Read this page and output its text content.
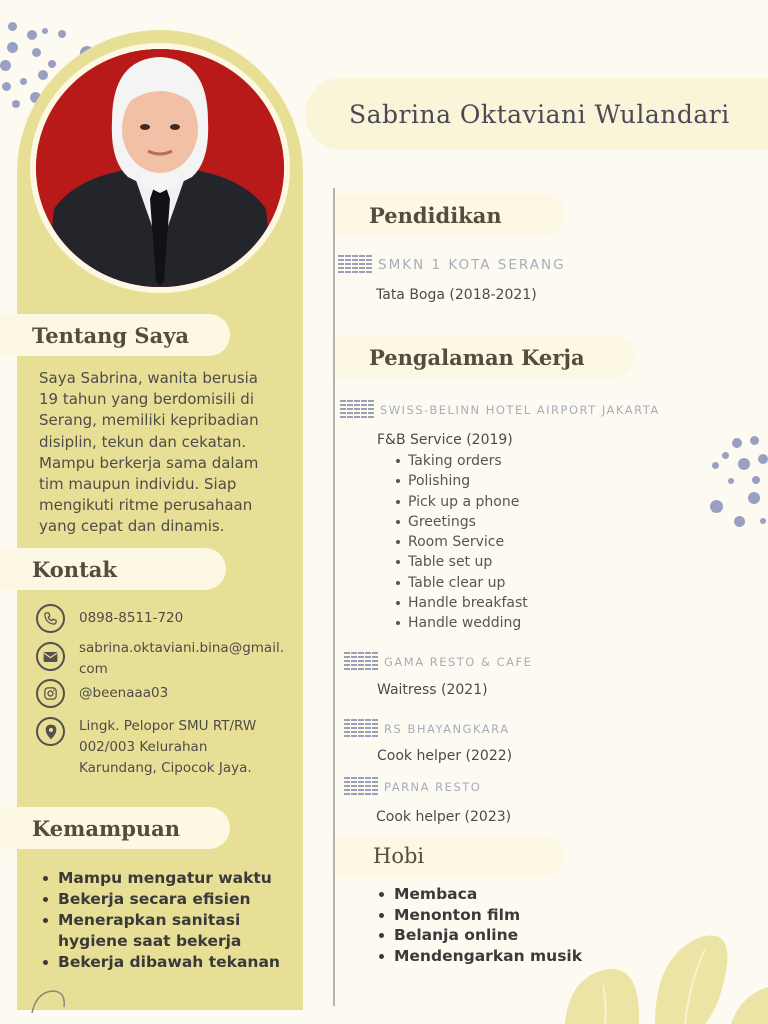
Tentang Saya
Saya Sabrina, wanita berusia
19 tahun yang berdomisili di
Serang, memiliki kepribadian
disiplin, tekun dan cekatan.
Mampu berkerja sama dalam
tim maupun individu. Siap
mengikuti ritme perusahaan
yang cepat dan dinamis.
Kontak
0898-8511-720
sabrina.oktaviani.bina@gmail.
com
@beenaaa03
Lingk. Pelopor SMU RT/RW
002/003 Kelurahan
Karundang, Cipocok Jaya.
Kemampuan
Mampu mengatur waktu
Bekerja secara efisien
Menerapkan sanitasi
hygiene saat bekerja
Bekerja dibawah tekanan
Sabrina Oktaviani Wulandari
Pendidikan
SMKN 1 KOTA SERANG
Tata Boga (2018-2021)
Pengalaman Kerja
SWISS-BELINN HOTEL AIRPORT JAKARTA
F&B Service (2019)
Taking orders
Polishing
Pick up a phone
Greetings
Room Service
Table set up
Table clear up
Handle breakfast
Handle wedding
GAMA RESTO & CAFE
Waitress (2021)
RS BHAYANGKARA
Cook helper (2022)
PARNA RESTO
Cook helper (2023)
Hobi
Membaca
Menonton film
Belanja online
Mendengarkan musik
